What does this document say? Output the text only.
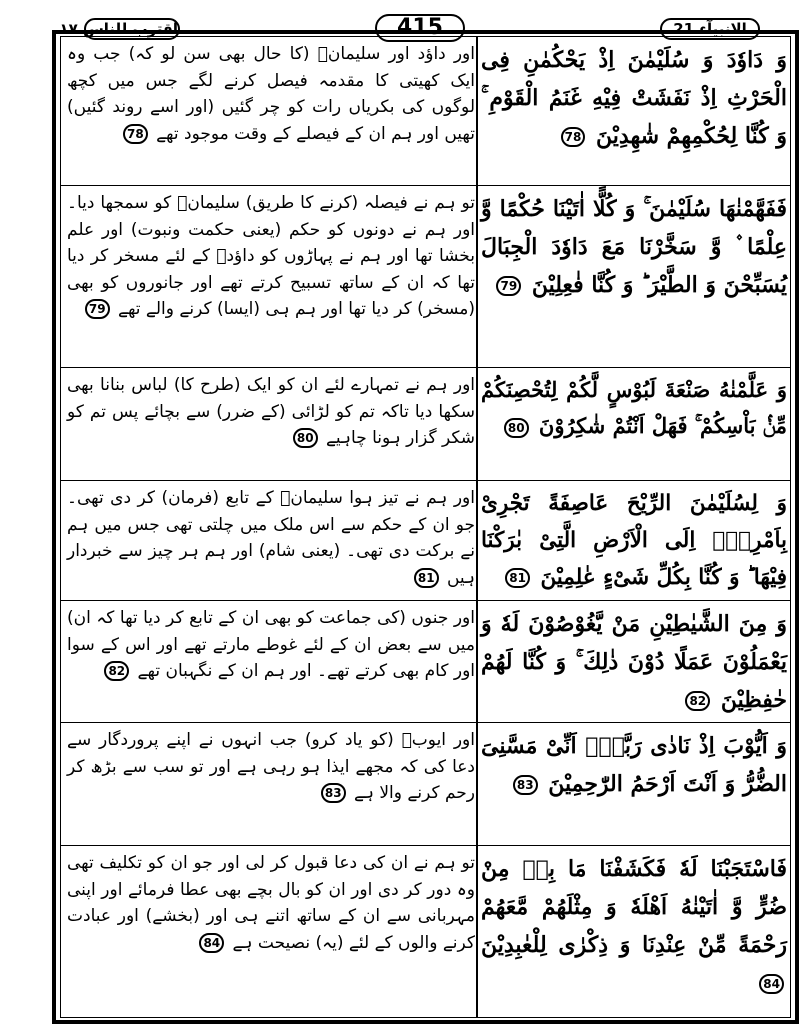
اقترب للناس ١٧	415	الانبیآء 21
وَ دَاوٗدَ وَ سُلَیْمٰنَ اِذْ یَحْكُمٰنِ فِی الْحَرْثِ اِذْ نَفَشَتْ فِیْهِ غَنَمُ الْقَوْمِ ۚ وَ كُنَّا لِحُكْمِهِمْ شٰهِدِیْنَ 78
اور داؤد اور سلیمانؑ (کا حال بھی سن لو کہ) جب وہ ایک کھیتی کا مقدمہ فیصل کرنے لگے جس میں کچھ لوگوں کی بکریاں رات کو چر گئیں (اور اسے روند گئیں) تھیں اور ہم ان کے فیصلے کے وقت موجود تھے 78
فَفَهَّمْنٰهَا سُلَیْمٰنَ ۚ وَ كُلًّا اٰتَیْنَا حُكْمًا وَّ عِلْمًا ۫ وَّ سَخَّرْنَا مَعَ دَاوٗدَ الْجِبَالَ یُسَبِّحْنَ وَ الطَّیْرَ ؕ وَ كُنَّا فٰعِلِیْنَ 79
تو ہم نے فیصلہ (کرنے کا طریق) سلیمانؑ کو سمجھا دیا۔ اور ہم نے دونوں کو حکم (یعنی حکمت ونبوت) اور علم بخشا تھا اور ہم نے پہاڑوں کو داؤدؑ کے لئے مسخر کر دیا تھا کہ ان کے ساتھ تسبیح کرتے تھے اور جانوروں کو بھی (مسخر) کر دیا تھا اور ہم ہی (ایسا) کرنے والے تھے 79
وَ عَلَّمْنٰهُ صَنْعَةَ لَبُوْسٍ لَّكُمْ لِتُحْصِنَكُمْ مِّنْۢ بَاْسِكُمْ ۚ فَهَلْ اَنْتُمْ شٰكِرُوْنَ 80
اور ہم نے تمہارے لئے ان کو ایک (طرح کا) لباس بنانا بھی سکھا دیا تاکہ تم کو لڑائی (کے ضرر) سے بچائے پس تم کو شکر گزار ہونا چاہیے 80
وَ لِسُلَیْمٰنَ الرِّیْحَ عَاصِفَةً تَجْرِیْ بِاَمْرِهٖۤ اِلَى الْاَرْضِ الَّتِیْ بٰرَكْنَا فِیْهَا ؕ وَ كُنَّا بِكُلِّ شَیْءٍ عٰلِمِیْنَ 81
اور ہم نے تیز ہوا سلیمانؑ کے تابع (فرمان) کر دی تھی۔ جو ان کے حکم سے اس ملک میں چلتی تھی جس میں ہم نے برکت دی تھی۔ (یعنی شام) اور ہم ہر چیز سے خبردار ہیں 81
وَ مِنَ الشَّیٰطِیْنِ مَنْ یَّغُوْصُوْنَ لَهٗ وَ یَعْمَلُوْنَ عَمَلًا دُوْنَ ذٰلِكَ ۚ وَ كُنَّا لَهُمْ حٰفِظِیْنَ 82
اور جنوں (کی جماعت کو بھی ان کے تابع کر دیا تھا کہ ان) میں سے بعض ان کے لئے غوطے مارتے تھے اور اس کے سوا اور کام بھی کرتے تھے۔ اور ہم ان کے نگہبان تھے 82
وَ اَیُّوْبَ اِذْ نَادٰى رَبَّهٗۤ اَنِّیْ مَسَّنِیَ الضُّرُّ وَ اَنْتَ اَرْحَمُ الرّٰحِمِیْنَ 83
اور ایوبؑ (کو یاد کرو) جب انہوں نے اپنے پروردگار سے دعا کی کہ مجھے ایذا ہو رہی ہے اور تو سب سے بڑھ کر رحم کرنے والا ہے 83
فَاسْتَجَبْنَا لَهٗ فَكَشَفْنَا مَا بِهٖ مِنْ ضُرٍّ وَّ اٰتَیْنٰهُ اَهْلَهٗ وَ مِثْلَهُمْ مَّعَهُمْ رَحْمَةً مِّنْ عِنْدِنَا وَ ذِكْرٰى لِلْعٰبِدِیْنَ 84
تو ہم نے ان کی دعا قبول کر لی اور جو ان کو تکلیف تھی وہ دور کر دی اور ان کو بال بچے بھی عطا فرمائے اور اپنی مہربانی سے ان کے ساتھ اتنے ہی اور (بخشے) اور عبادت کرنے والوں کے لئے (یہ) نصیحت ہے 84
